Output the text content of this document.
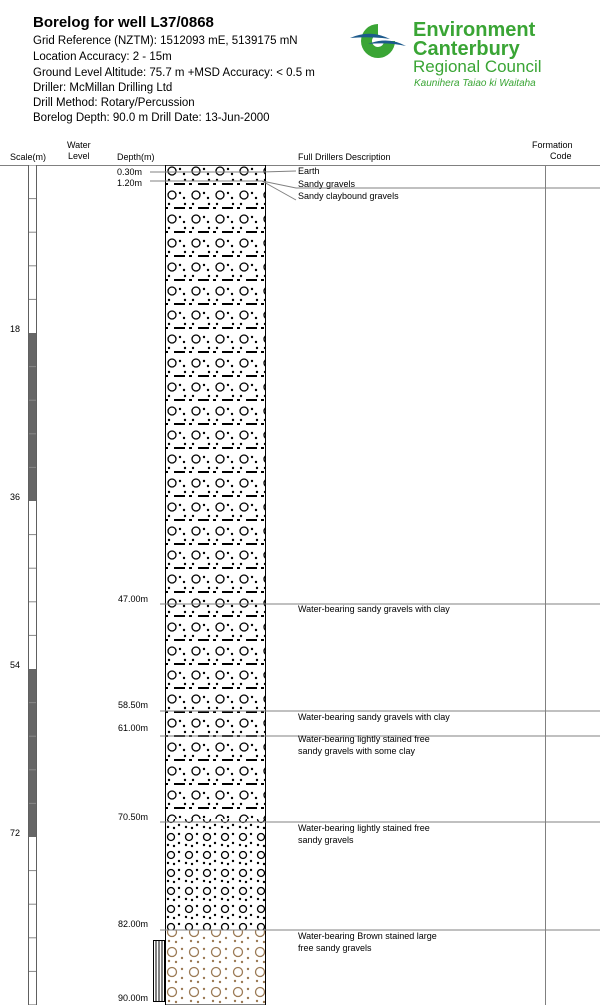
Borelog for well L37/0868
Grid Reference (NZTM): 1512093 mE, 5139175 mN
Location Accuracy: 2 - 15m
Ground Level Altitude: 75.7 m +MSD Accuracy: < 0.5 m
Driller: McMillan Drilling Ltd
Drill Method: Rotary/Percussion
Borelog Depth: 90.0 m Drill Date: 13-Jun-2000
Environment
Canterbury
Regional Council
Kaunihera Taiao ki Waitaha
Scale(m)
Water
Level	Depth(m)	Full Drillers Description
Formation
Code
18
36
54
72
0.30m
1.20m
47.00m
58.50m
61.00m
70.50m
82.00m
90.00m
Earth
Sandy gravels
Sandy claybound gravels
Water-bearing sandy gravels with clay
Water-bearing sandy gravels with clay
Water-bearing lightly stained free
sandy gravels with some clay
Water-bearing lightly stained free
sandy gravels
Water-bearing Brown stained large
free sandy gravels
